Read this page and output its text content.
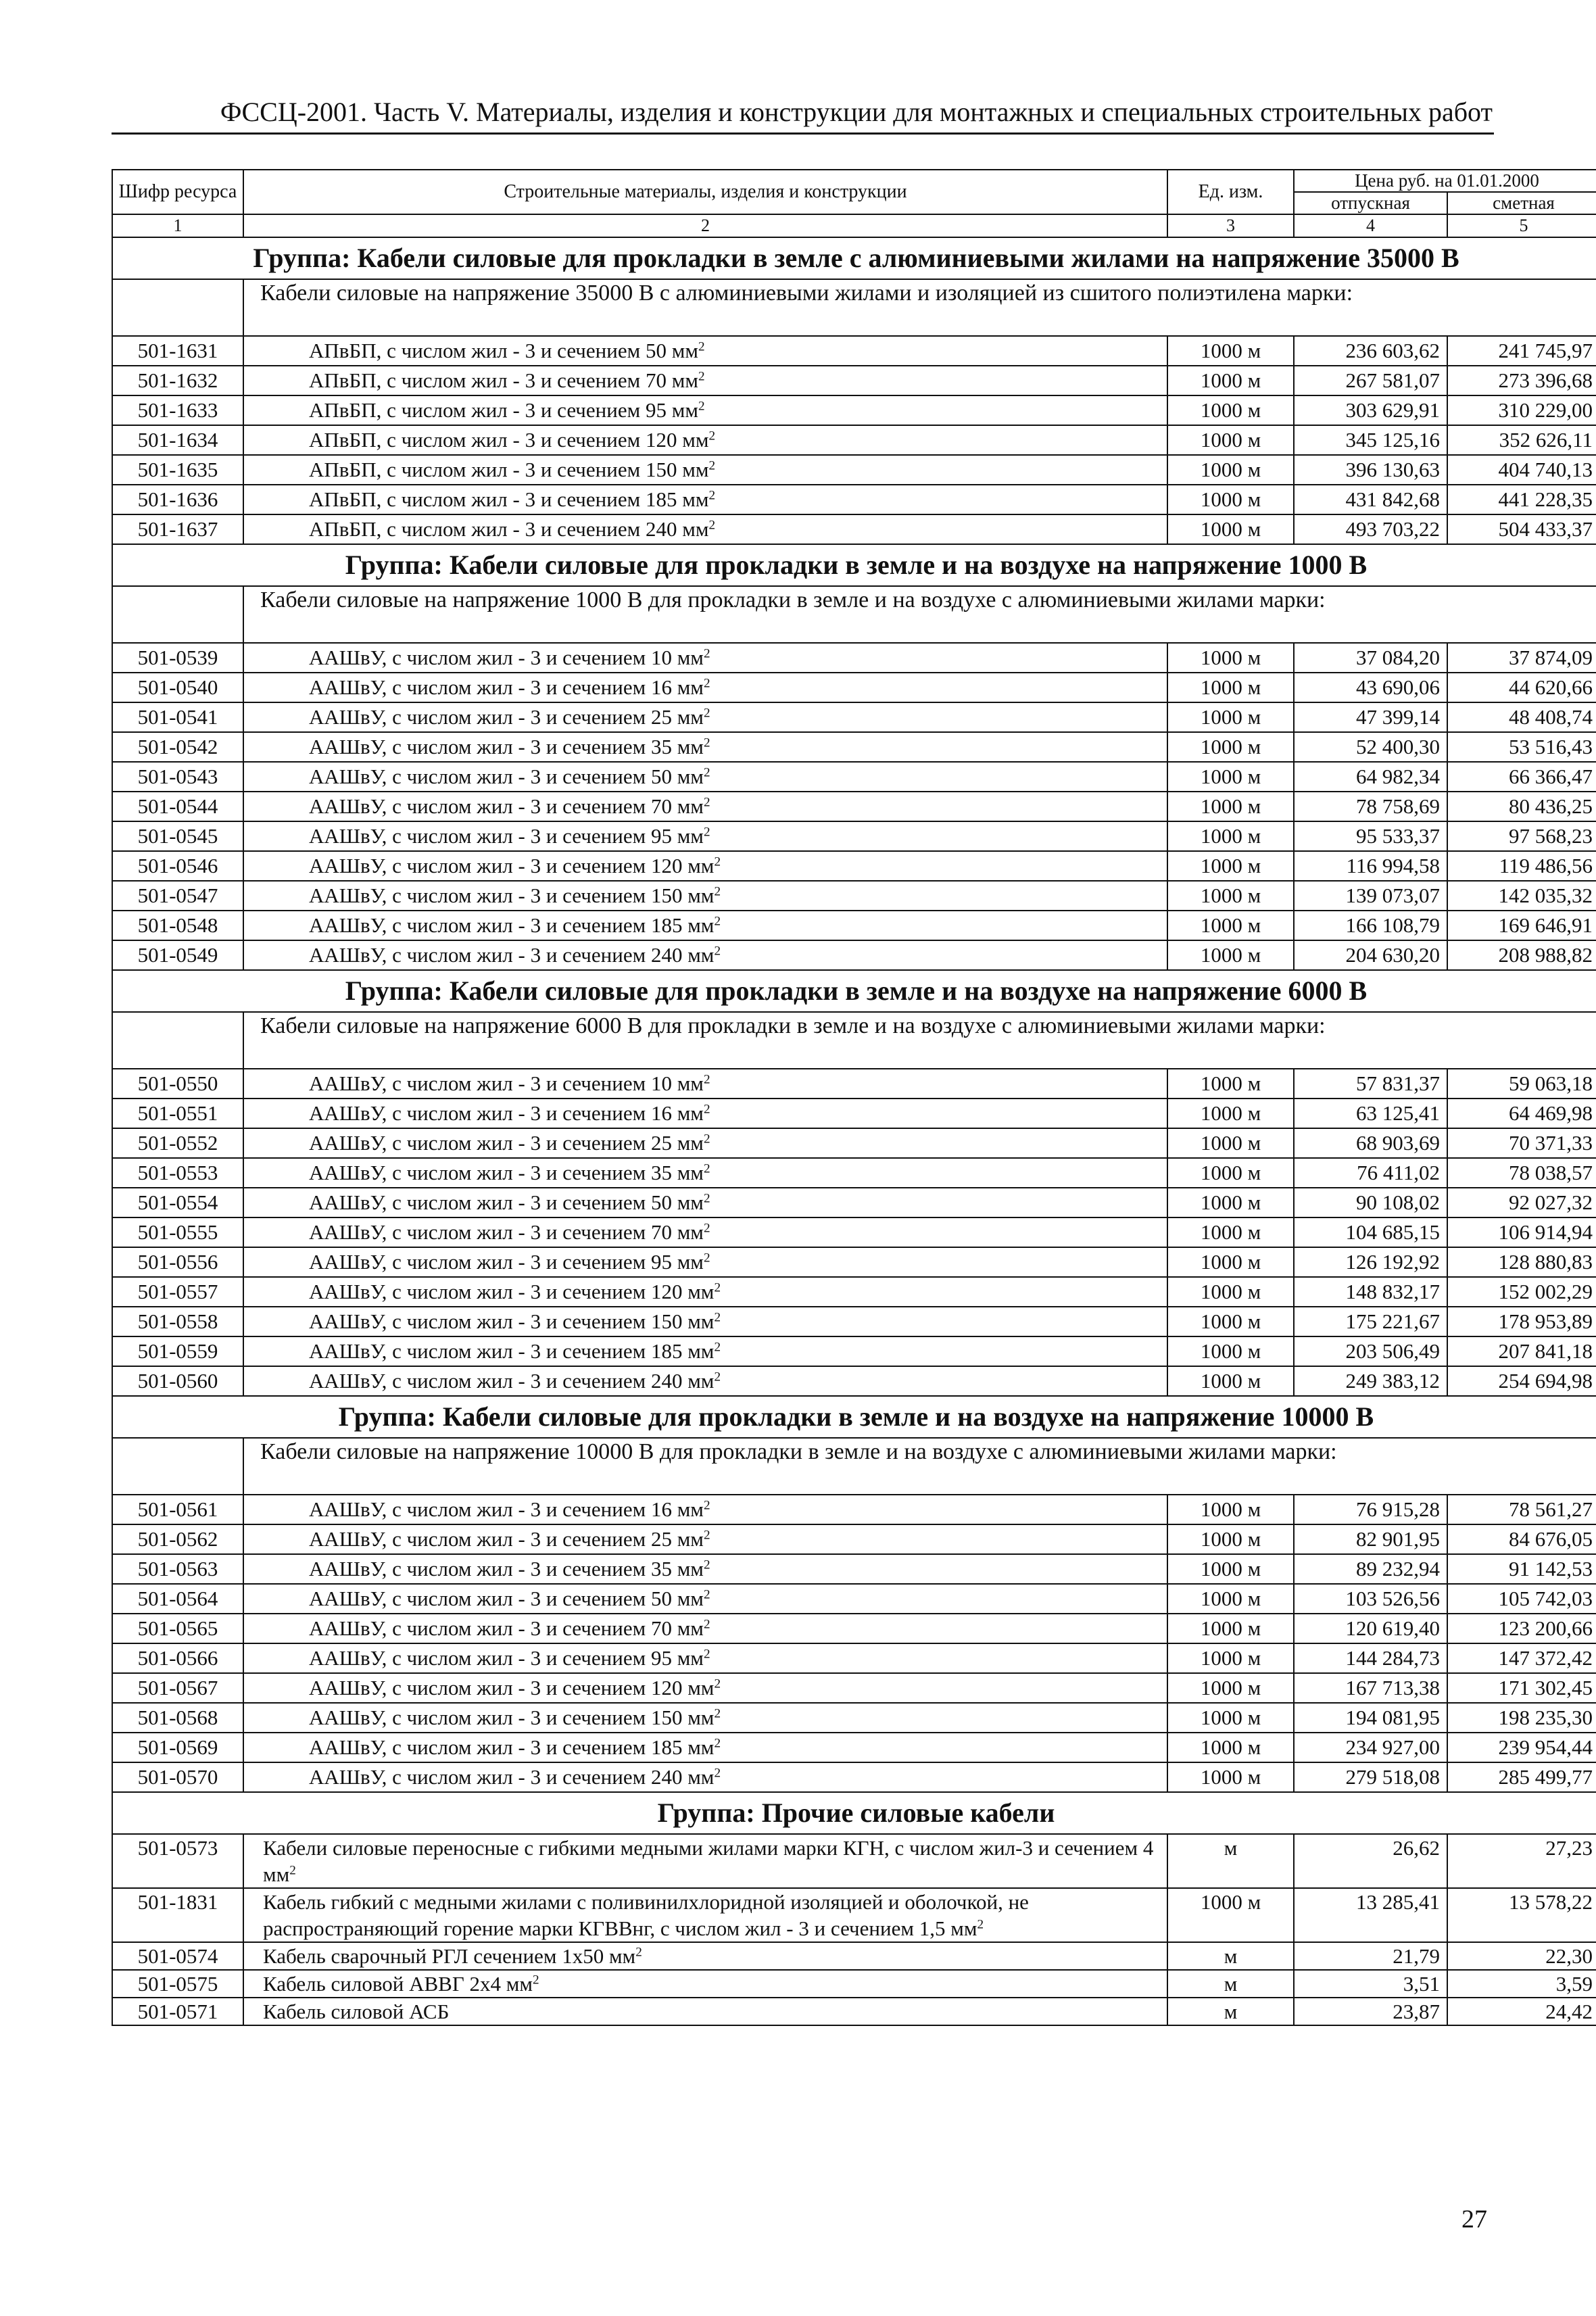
ФССЦ-2001. Часть V. Материалы, изделия и конструкции для монтажных и специальных строительных работ
Шифр ресурса	Строительные материалы, изделия и конструкции	Ед. изм.	Цена руб. на 01.01.2000	
			отпускная	сметная
1	2	3	4	5
Группа: Кабели силовые для прокладки в земле с алюминиевыми жилами на напряжение 35000 В				
	Кабели силовые на напряжение 35000 В с алюминиевыми жилами и изоляцией из сшитого полиэтилена марки:			
501-1631	АПвБП, с числом жил - 3 и сечением 50 $мм^2$	1000 м	236 603,62	241 745,97
501-1632	АПвБП, с числом жил - 3 и сечением 70 $мм^2$	1000 м	267 581,07	273 396,68
501-1633	АПвБП, с числом жил - 3 и сечением 95 $мм^2$	1000 м	303 629,91	310 229,00
501-1634	АПвБП, с числом жил - 3 и сечением 120 $мм^2$	1000 м	345 125,16	352 626,11
501-1635	АПвБП, с числом жил - 3 и сечением 150 $мм^2$	1000 м	396 130,63	404 740,13
501-1636	АПвБП, с числом жил - 3 и сечением 185 $мм^2$	1000 м	431 842,68	441 228,35
501-1637	АПвБП, с числом жил - 3 и сечением 240 $мм^2$	1000 м	493 703,22	504 433,37
Группа: Кабели силовые для прокладки в земле и на воздухе на напряжение 1000 В				
	Кабели силовые на напряжение 1000 В для прокладки в земле и на воздухе с алюминиевыми жилами марки:			
501-0539	ААШвУ, с числом жил - 3 и сечением 10 $мм^2$	1000 м	37 084,20	37 874,09
501-0540	ААШвУ, с числом жил - 3 и сечением 16 $мм^2$	1000 м	43 690,06	44 620,66
501-0541	ААШвУ, с числом жил - 3 и сечением 25 $мм^2$	1000 м	47 399,14	48 408,74
501-0542	ААШвУ, с числом жил - 3 и сечением 35 $мм^2$	1000 м	52 400,30	53 516,43
501-0543	ААШвУ, с числом жил - 3 и сечением 50 $мм^2$	1000 м	64 982,34	66 366,47
501-0544	ААШвУ, с числом жил - 3 и сечением 70 $мм^2$	1000 м	78 758,69	80 436,25
501-0545	ААШвУ, с числом жил - 3 и сечением 95 $мм^2$	1000 м	95 533,37	97 568,23
501-0546	ААШвУ, с числом жил - 3 и сечением 120 $мм^2$	1000 м	116 994,58	119 486,56
501-0547	ААШвУ, с числом жил - 3 и сечением 150 $мм^2$	1000 м	139 073,07	142 035,32
501-0548	ААШвУ, с числом жил - 3 и сечением 185 $мм^2$	1000 м	166 108,79	169 646,91
501-0549	ААШвУ, с числом жил - 3 и сечением 240 $мм^2$	1000 м	204 630,20	208 988,82
Группа: Кабели силовые для прокладки в земле и на воздухе на напряжение 6000 В				
	Кабели силовые на напряжение 6000 В для прокладки в земле и на воздухе с алюминиевыми жилами марки:			
501-0550	ААШвУ, с числом жил - 3 и сечением 10 $мм^2$	1000 м	57 831,37	59 063,18
501-0551	ААШвУ, с числом жил - 3 и сечением 16 $мм^2$	1000 м	63 125,41	64 469,98
501-0552	ААШвУ, с числом жил - 3 и сечением 25 $мм^2$	1000 м	68 903,69	70 371,33
501-0553	ААШвУ, с числом жил - 3 и сечением 35 $мм^2$	1000 м	76 411,02	78 038,57
501-0554	ААШвУ, с числом жил - 3 и сечением 50 $мм^2$	1000 м	90 108,02	92 027,32
501-0555	ААШвУ, с числом жил - 3 и сечением 70 $мм^2$	1000 м	104 685,15	106 914,94
501-0556	ААШвУ, с числом жил - 3 и сечением 95 $мм^2$	1000 м	126 192,92	128 880,83
501-0557	ААШвУ, с числом жил - 3 и сечением 120 $мм^2$	1000 м	148 832,17	152 002,29
501-0558	ААШвУ, с числом жил - 3 и сечением 150 $мм^2$	1000 м	175 221,67	178 953,89
501-0559	ААШвУ, с числом жил - 3 и сечением 185 $мм^2$	1000 м	203 506,49	207 841,18
501-0560	ААШвУ, с числом жил - 3 и сечением 240 $мм^2$	1000 м	249 383,12	254 694,98
Группа: Кабели силовые для прокладки в земле и на воздухе на напряжение 10000 В				
	Кабели силовые на напряжение 10000 В для прокладки в земле и на воздухе с алюминиевыми жилами марки:			
501-0561	ААШвУ, с числом жил - 3 и сечением 16 $мм^2$	1000 м	76 915,28	78 561,27
501-0562	ААШвУ, с числом жил - 3 и сечением 25 $мм^2$	1000 м	82 901,95	84 676,05
501-0563	ААШвУ, с числом жил - 3 и сечением 35 $мм^2$	1000 м	89 232,94	91 142,53
501-0564	ААШвУ, с числом жил - 3 и сечением 50 $мм^2$	1000 м	103 526,56	105 742,03
501-0565	ААШвУ, с числом жил - 3 и сечением 70 $мм^2$	1000 м	120 619,40	123 200,66
501-0566	ААШвУ, с числом жил - 3 и сечением 95 $мм^2$	1000 м	144 284,73	147 372,42
501-0567	ААШвУ, с числом жил - 3 и сечением 120 $мм^2$	1000 м	167 713,38	171 302,45
501-0568	ААШвУ, с числом жил - 3 и сечением 150 $мм^2$	1000 м	194 081,95	198 235,30
501-0569	ААШвУ, с числом жил - 3 и сечением 185 $мм^2$	1000 м	234 927,00	239 954,44
501-0570	ААШвУ, с числом жил - 3 и сечением 240 $мм^2$	1000 м	279 518,08	285 499,77
Группа: Прочие силовые кабели				
501-0573	Кабели силовые переносные с гибкими медными жилами марки КГН, с числом жил-3 и сечением 4 $мм^2$	м	26,62	27,23
501-1831	Кабель гибкий с медными жилами с поливинилхлоридной изоляцией и оболочкой, не распространяющий горение марки КГВВнг, с числом жил - 3 и сечением 1,5 $мм^2$	1000 м	13 285,41	13 578,22
501-0574	Кабель сварочный РГЛ сечением 1х50 $мм^2$	м	21,79	22,30
501-0575	Кабель силовой АВВГ 2х4 $мм^2$	м	3,51	3,59
501-0571	Кабель силовой АСБ	м	23,87	24,42
27
